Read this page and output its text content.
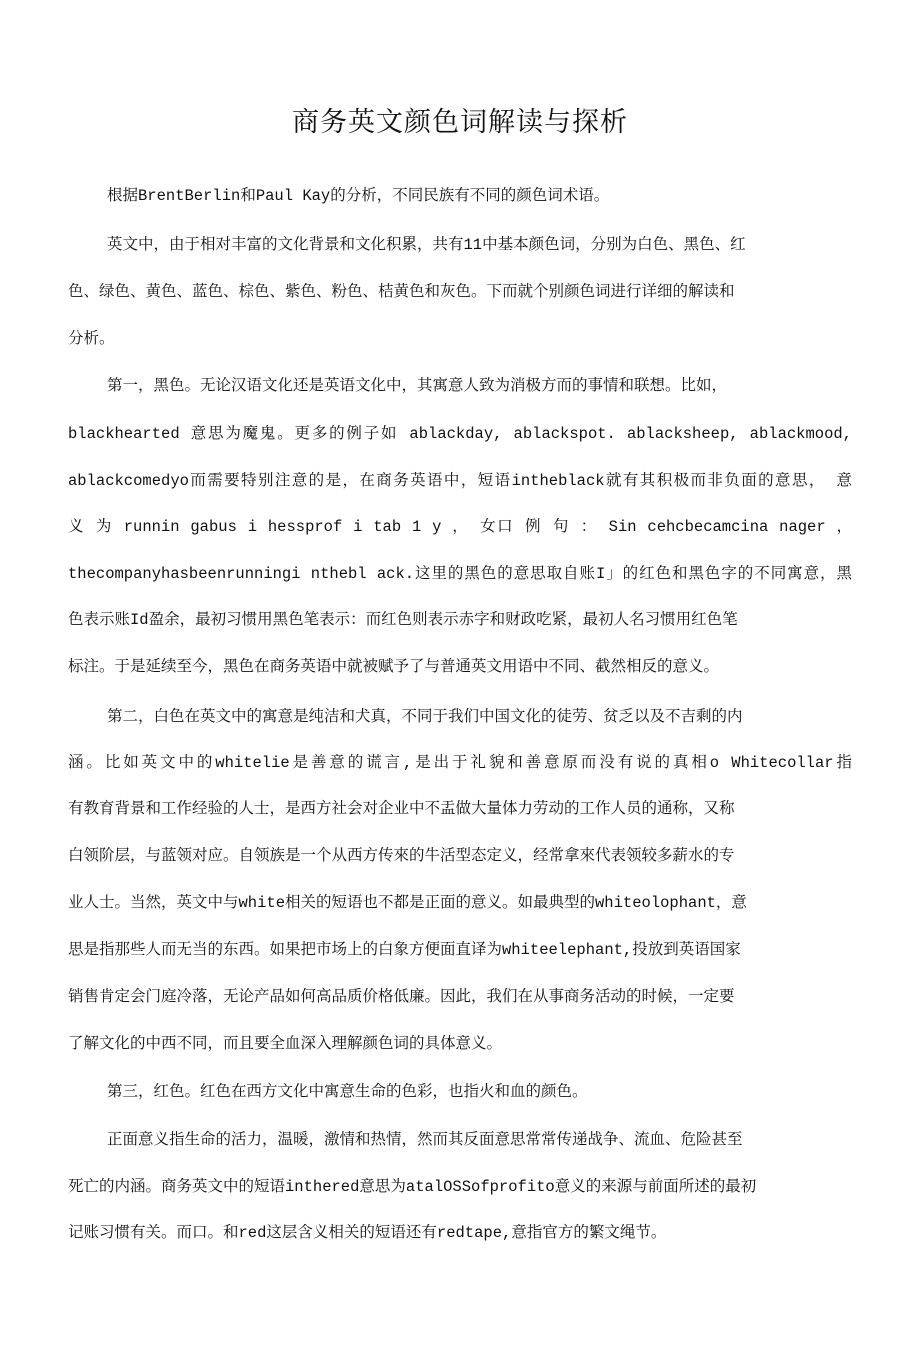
商务英文颜色词解读与探析
根据BrentBerlin和Paul Kay的分析，不同民族有不同的颜色词术语。
英文中，由于相对丰富的文化背景和文化积累，共有11中基本颜色词，分别为白色、黑色、红
色、绿色、黄色、蓝色、棕色、紫色、粉色、桔黄色和灰色。下而就个别颜色词进行详细的解读和
分析。
第一，黑色。无论汉语文化还是英语文化中，其寓意人致为消极方而的事情和联想。比如，
blackhearted 意思为魔鬼。更多的例子如 ablackday, ablackspot. ablacksheep, ablackmood,
ablackcomedyo而需要特别注意的是，在商务英语中，短语intheblack就有其积极而非负面的意思， 意
义 为 runnin gabus i hessprof i tab 1 y ， 女口 例 句 ： Sin cehcbecamcina nager ，
thecompanyhasbeenrunningi nthebl ack.这里的黑色的意思取自账I」的红色和黑色字的不同寓意，黑
色表示账Id盈余，最初习惯用黑色笔表示：而红色则表示赤字和财政吃紧，最初人名习惯用红色笔
标注。于是延续至今，黑色在商务英语中就被赋予了与普通英文用语中不同、截然相反的意义。
第二，白色在英文中的寓意是纯洁和犬真，不同于我们中国文化的徒劳、贫乏以及不吉剩的内
涵。比如英文中的whitelie是善意的谎言,是出于礼貌和善意原而没有说的真相o Whitecollar指
有教育背景和工作经验的人士，是西方社会对企业中不盂做大量体力劳动的工作人员的通称，又称
白领阶层，与蓝领对应。自领族是一个从西方传來的牛活型态定义，经常拿來代表领较多薪水的专
业人士。当然，英文中与white相关的短语也不都是正面的意义。如最典型的whiteolophant，意
思是指那些人而无当的东西。如果把市场上的白象方便面直译为whiteelephant,投放到英语国家
销售肯定会门庭冷落，无论产品如何高品质价格低廉。因此，我们在从事商务活动的时候，一定要
了解文化的中西不同，而且要全血深入理解颜色词的具体意义。
第三，红色。红色在西方文化中寓意生命的色彩，也指火和血的颜色。
正面意义指生命的活力，温暖，激情和热情，然而其反面意思常常传递战争、流血、危险甚至
死亡的内涵。商务英文中的短语inthered意思为atalOSSofprofito意义的来源与前面所述的最初
记账习惯有关。而口。和red这层含义相关的短语还有redtape,意指官方的繁文绳节。
